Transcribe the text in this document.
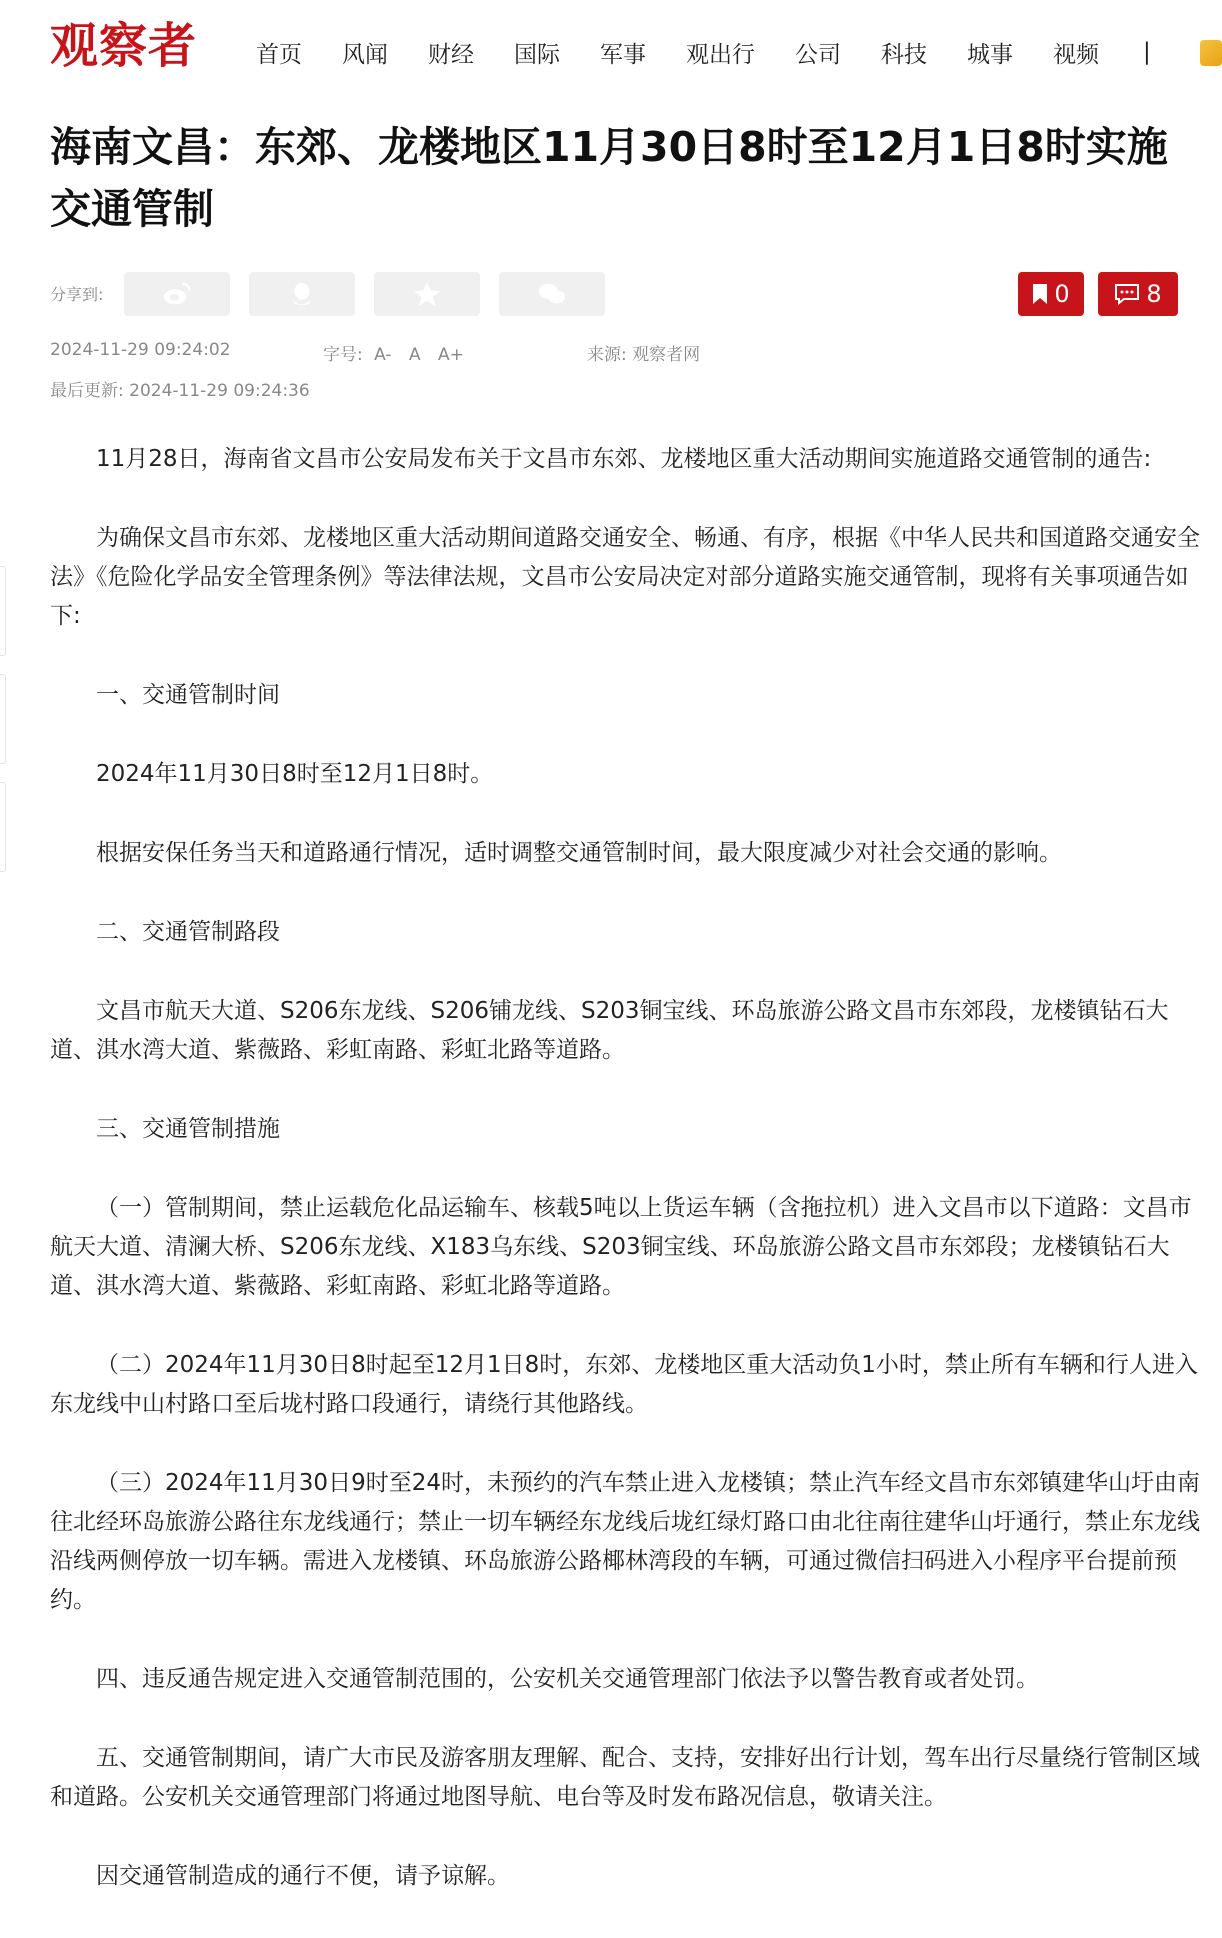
观察者	首页 风闻 财经 国际 军事 观出行 公司 科技 城事 视频 |
海南文昌：东郊、龙楼地区11月30日8时至12月1日8时实施交通管制
分享到:	0	8
2024-11-29 09:24:02	字号: A- A A+	来源: 观察者网
最后更新: 2024-11-29 09:24:36

11月28日，海南省文昌市公安局发布关于文昌市东郊、龙楼地区重大活动期间实施道路交通管制的通告:

为确保文昌市东郊、龙楼地区重大活动期间道路交通安全、畅通、有序，根据《中华人民共和国道路交通安全法》《危险化学品安全管理条例》等法律法规，文昌市公安局决定对部分道路实施交通管制，现将有关事项通告如下:

一、交通管制时间

2024年11月30日8时至12月1日8时。

根据安保任务当天和道路通行情况，适时调整交通管制时间，最大限度减少对社会交通的影响。

二、交通管制路段

文昌市航天大道、S206东龙线、S206铺龙线、S203铜宝线、环岛旅游公路文昌市东郊段，龙楼镇钻石大道、淇水湾大道、紫薇路、彩虹南路、彩虹北路等道路。

三、交通管制措施

（一）管制期间，禁止运载危化品运输车、核载5吨以上货运车辆（含拖拉机）进入文昌市以下道路：文昌市航天大道、清澜大桥、S206东龙线、X183乌东线、S203铜宝线、环岛旅游公路文昌市东郊段；龙楼镇钻石大道、淇水湾大道、紫薇路、彩虹南路、彩虹北路等道路。

（二）2024年11月30日8时起至12月1日8时，东郊、龙楼地区重大活动负1小时，禁止所有车辆和行人进入东龙线中山村路口至后垅村路口段通行，请绕行其他路线。

（三）2024年11月30日9时至24时，未预约的汽车禁止进入龙楼镇；禁止汽车经文昌市东郊镇建华山圩由南往北经环岛旅游公路往东龙线通行；禁止一切车辆经东龙线后垅红绿灯路口由北往南往建华山圩通行，禁止东龙线沿线两侧停放一切车辆。需进入龙楼镇、环岛旅游公路椰林湾段的车辆，可通过微信扫码进入小程序平台提前预约。

四、违反通告规定进入交通管制范围的，公安机关交通管理部门依法予以警告教育或者处罚。

五、交通管制期间，请广大市民及游客朋友理解、配合、支持，安排好出行计划，驾车出行尽量绕行管制区域和道路。公安机关交通管理部门将通过地图导航、电台等及时发布路况信息，敬请关注。

因交通管制造成的通行不便，请予谅解。
